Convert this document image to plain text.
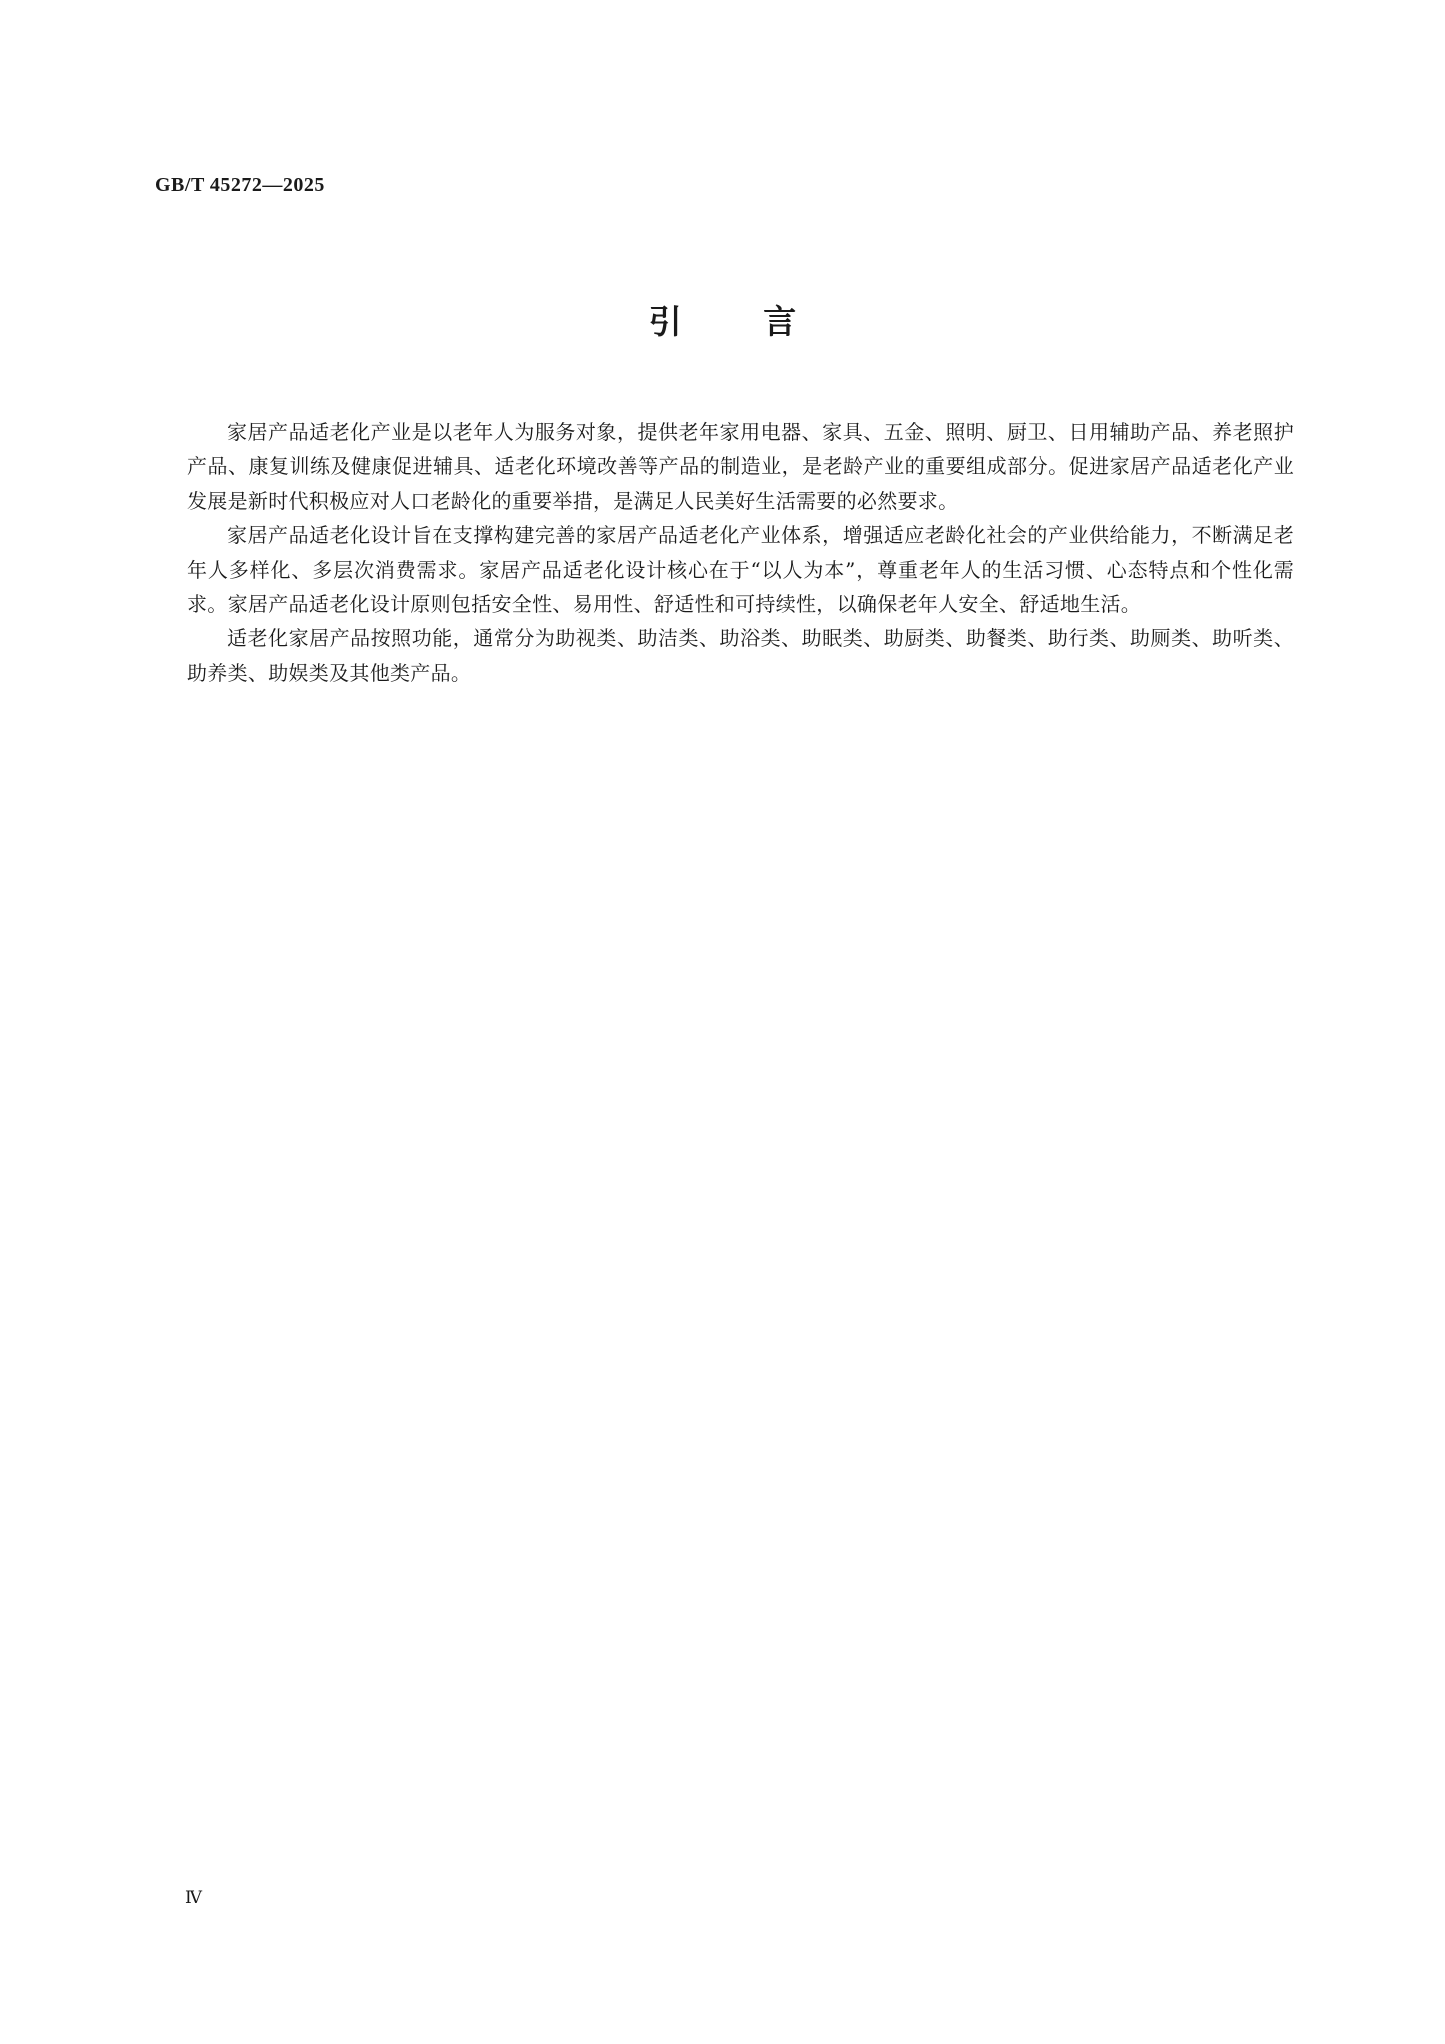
GB/T 45272—2025
引 言

家居产品适老化产业是以老年人为服务对象，提供老年家用电器、家具、五金、照明、厨卫、日用辅助产品、养老照护产品、康复训练及健康促进辅具、适老化环境改善等产品的制造业，是老龄产业的重要组成部分。促进家居产品适老化产业发展是新时代积极应对人口老龄化的重要举措，是满足人民美好生活需要的必然要求。

家居产品适老化设计旨在支撑构建完善的家居产品适老化产业体系，增强适应老龄化社会的产业供给能力，不断满足老年人多样化、多层次消费需求。家居产品适老化设计核心在于“以人为本”，尊重老年人的生活习惯、心态特点和个性化需求。家居产品适老化设计原则包括安全性、易用性、舒适性和可持续性，以确保老年人安全、舒适地生活。

适老化家居产品按照功能，通常分为助视类、助洁类、助浴类、助眠类、助厨类、助餐类、助行类、助厕类、助听类、助养类、助娱类及其他类产品。

Ⅳ
